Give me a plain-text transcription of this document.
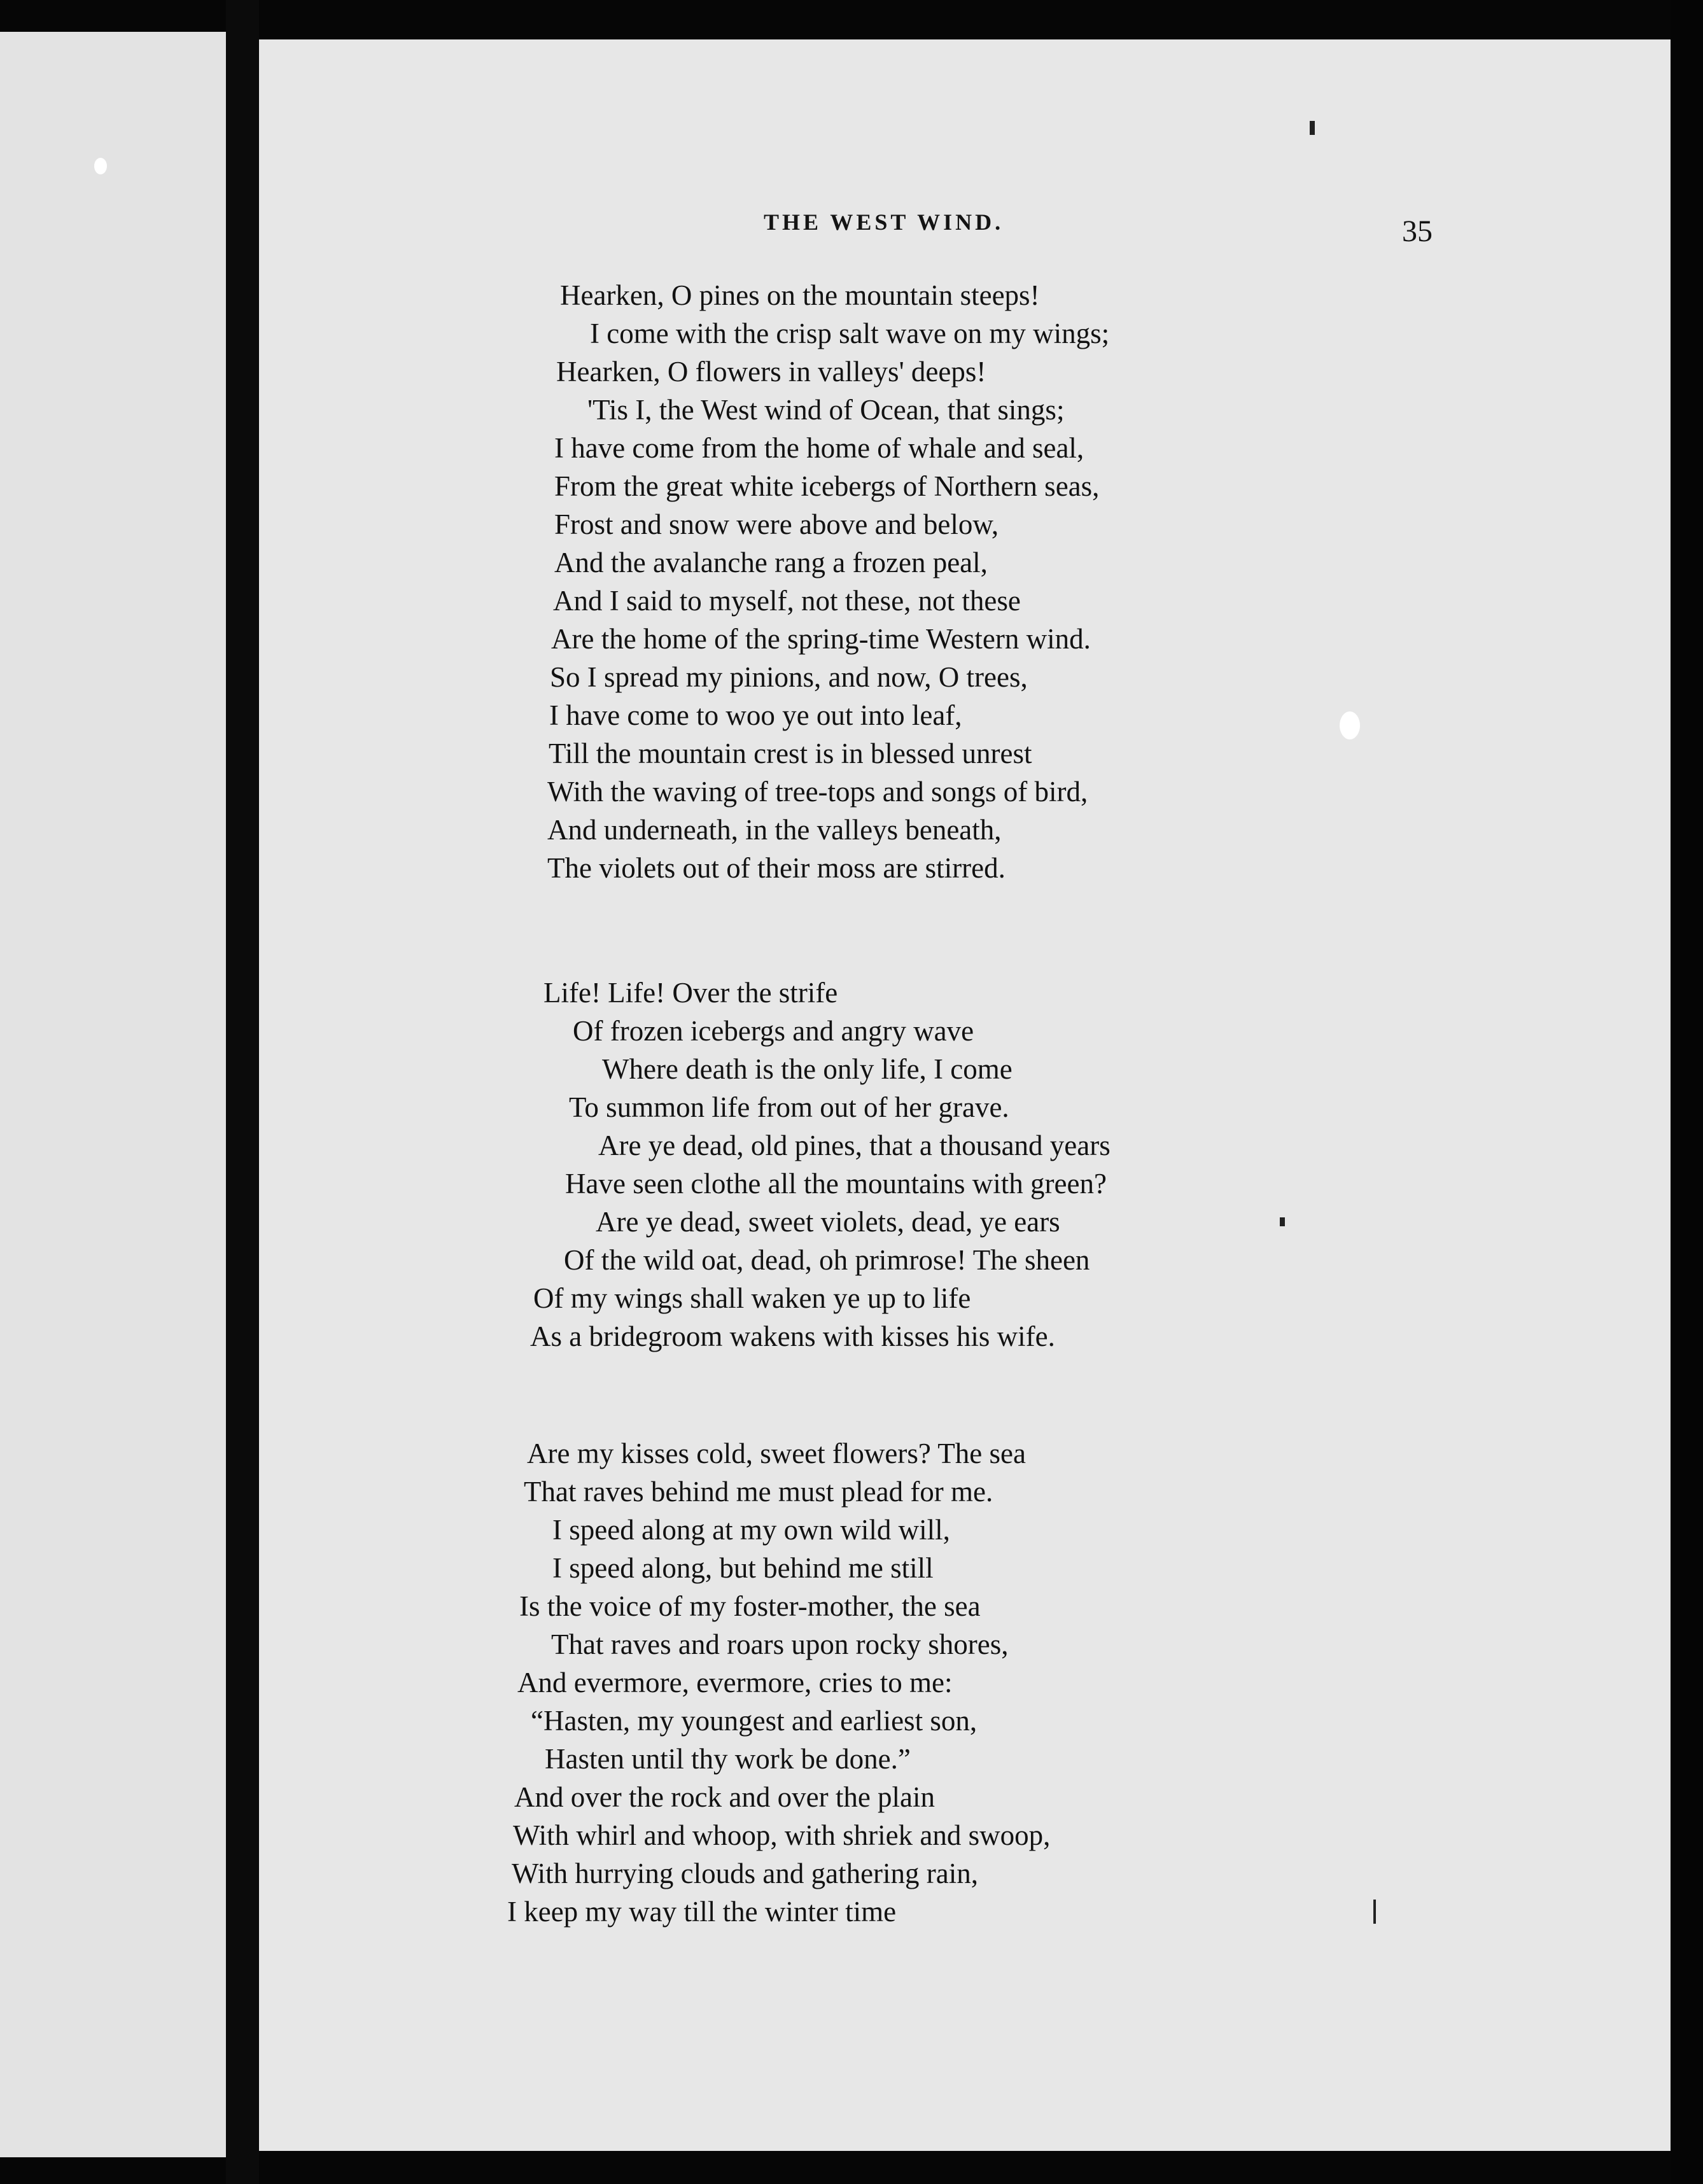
THE WEST WIND.	35
Hearken, O pines on the mountain steeps!
I come with the crisp salt wave on my wings;
Hearken, O flowers in valleys' deeps!
'Tis I, the West wind of Ocean, that sings;
I have come from the home of whale and seal,
From the great white icebergs of Northern seas,
Frost and snow were above and below,
And the avalanche rang a frozen peal,
And I said to myself, not these, not these
Are the home of the spring-time Western wind.
So I spread my pinions, and now, O trees,
I have come to woo ye out into leaf,
Till the mountain crest is in blessed unrest
With the waving of tree-tops and songs of bird,
And underneath, in the valleys beneath,
The violets out of their moss are stirred.
Life! Life! Over the strife
Of frozen icebergs and angry wave
Where death is the only life, I come
To summon life from out of her grave.
Are ye dead, old pines, that a thousand years
Have seen clothe all the mountains with green?
Are ye dead, sweet violets, dead, ye ears
Of the wild oat, dead, oh primrose! The sheen
Of my wings shall waken ye up to life
As a bridegroom wakens with kisses his wife.
Are my kisses cold, sweet flowers? The sea
That raves behind me must plead for me.
I speed along at my own wild will,
I speed along, but behind me still
Is the voice of my foster-mother, the sea
That raves and roars upon rocky shores,
And evermore, evermore, cries to me:
“Hasten, my youngest and earliest son,
Hasten until thy work be done.”
And over the rock and over the plain
With whirl and whoop, with shriek and swoop,
With hurrying clouds and gathering rain,
I keep my way till the winter time
